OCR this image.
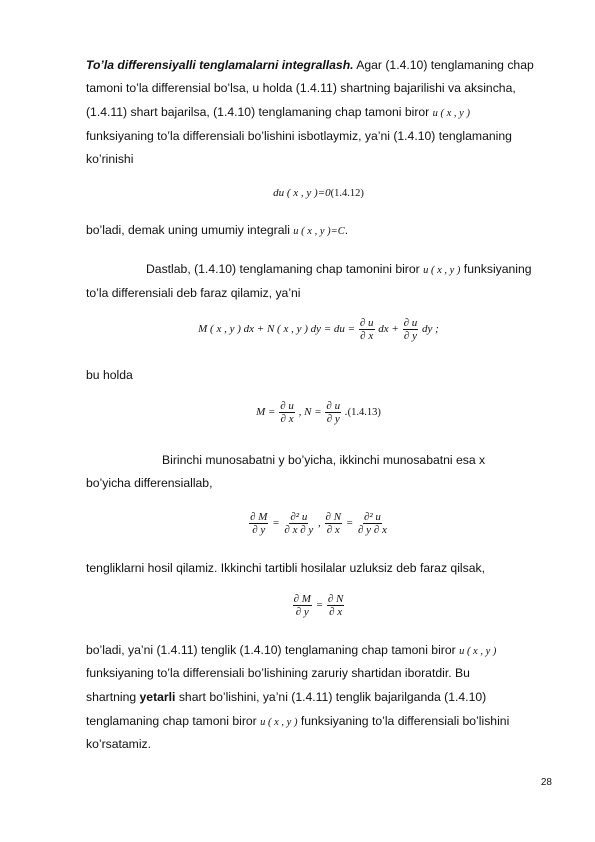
To’la differensiyalli tenglamalarni integrallash. Agar (1.4.10) tenglamaning chap
tamoni to’la differensial bo’lsa, u holda (1.4.11) shartning bajarilishi va aksincha,
(1.4.11) shart bajarilsa, (1.4.10) tenglamaning chap tamoni biror u ( x , y )
funksiyaning to’la differensiali bo’lishini isbotlaymiz, ya’ni (1.4.10) tenglamaning
ko’rinishi
du ( x , y )=0(1.4.12)
bo’ladi, demak uning umumiy integrali u ( x , y )=C.
Dastlab, (1.4.10) tenglamaning chap tamonini biror u ( x , y ) funksiyaning
to’la differensiali deb faraz qilamiz, ya’ni
M ( x , y ) dx + N ( x , y ) dy = du = $\frac{\partial u}{\partial x}$ dx + $\frac{\partial u}{\partial y}$ dy ;
bu holda
$M = \frac{\partial u}{\partial x}$ , $N = \frac{\partial u}{\partial y} .(1.4.13)$
Birinchi munosabatni y bo’yicha, ikkinchi munosabatni esa x
bo’yicha differensiallab,
$\frac{\partial M}{\partial y} = \frac{\text{∂² u}}{\partial x \partial y}$ , $\frac{\partial N}{\partial x} = \frac{\text{∂² u}}{\partial y \partial x}$
tengliklarni hosil qilamiz. Ikkinchi tartibli hosilalar uzluksiz deb faraz qilsak,
$\frac{\partial M}{\partial y} = \frac{\partial N}{\partial x}$
bo’ladi, ya’ni (1.4.11) tenglik (1.4.10) tenglamaning chap tamoni biror u ( x , y )
funksiyaning to’la differensiali bo’lishining zaruriy shartidan iboratdir. Bu
shartning yetarli shart bo’lishini, ya’ni (1.4.11) tenglik bajarilganda (1.4.10)
tenglamaning chap tamoni biror u ( x , y ) funksiyaning to’la differensiali bo’lishini
ko’rsatamiz.
28
